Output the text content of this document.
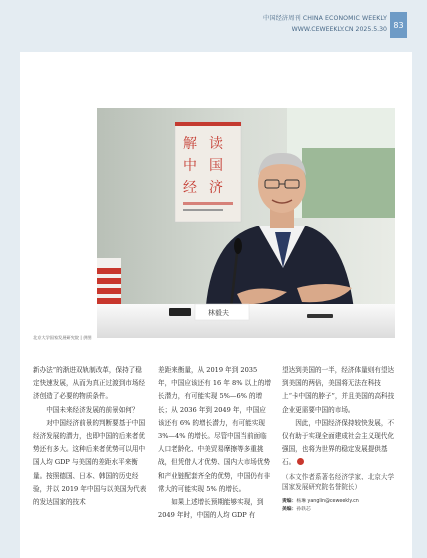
中国经济周刊 CHINA ECONOMIC WEEKLY
WWW.CEWEEKLY.CN 2025.5.30 83
解 读
中 国
经 济
林毅夫
北京大学国家发展研究院 | 供图

新办法”的渐进双轨制改革，保持了稳定快速发展，从而为真正过渡到市场经济创造了必要的物质条件。

中国未来经济发展的前景如何？

对中国经济前景的判断要基于中国经济发展的潜力，也即中国的后来者优势还有多大。这种后来者优势可以用中国人均 GDP 与美国的差距水平来衡量。按照德国、日本、韩国的历史经验，并以 2019 年中国与以美国为代表的发达国家的技术

差距来衡量，从 2019 年到 2035 年，中国应该还有 16 年 8% 以上的增长潜力，有可能实现 5%—6% 的增长；从 2036 年到 2049 年，中国应该还有 6% 的增长潜力，有可能实现 3%—4% 的增长。尽管中国当前面临人口老龄化、中美贸易摩擦等多重挑战，但凭借人才优势、国内大市场优势和产业链配套齐全的优势，中国仍有非常大的可能实现 5% 的增长。

如果上述增长预期能够实现，到 2049 年时，中国的人均 GDP 有

望达到美国的一半，经济体量则有望达到美国的两倍，美国将无法在科技上“卡中国的脖子”，并且美国的高科技企业更需要中国的市场。

因此，中国经济保持较快发展，不仅有助于实现全面建成社会主义现代化强国，也将为世界的稳定发展提供基石。

（本文作者系著名经济学家、北京大学国家发展研究院名誉院长）

责编：杨琳 yanglin@ceweekly.cn
美编：孙轶芯
